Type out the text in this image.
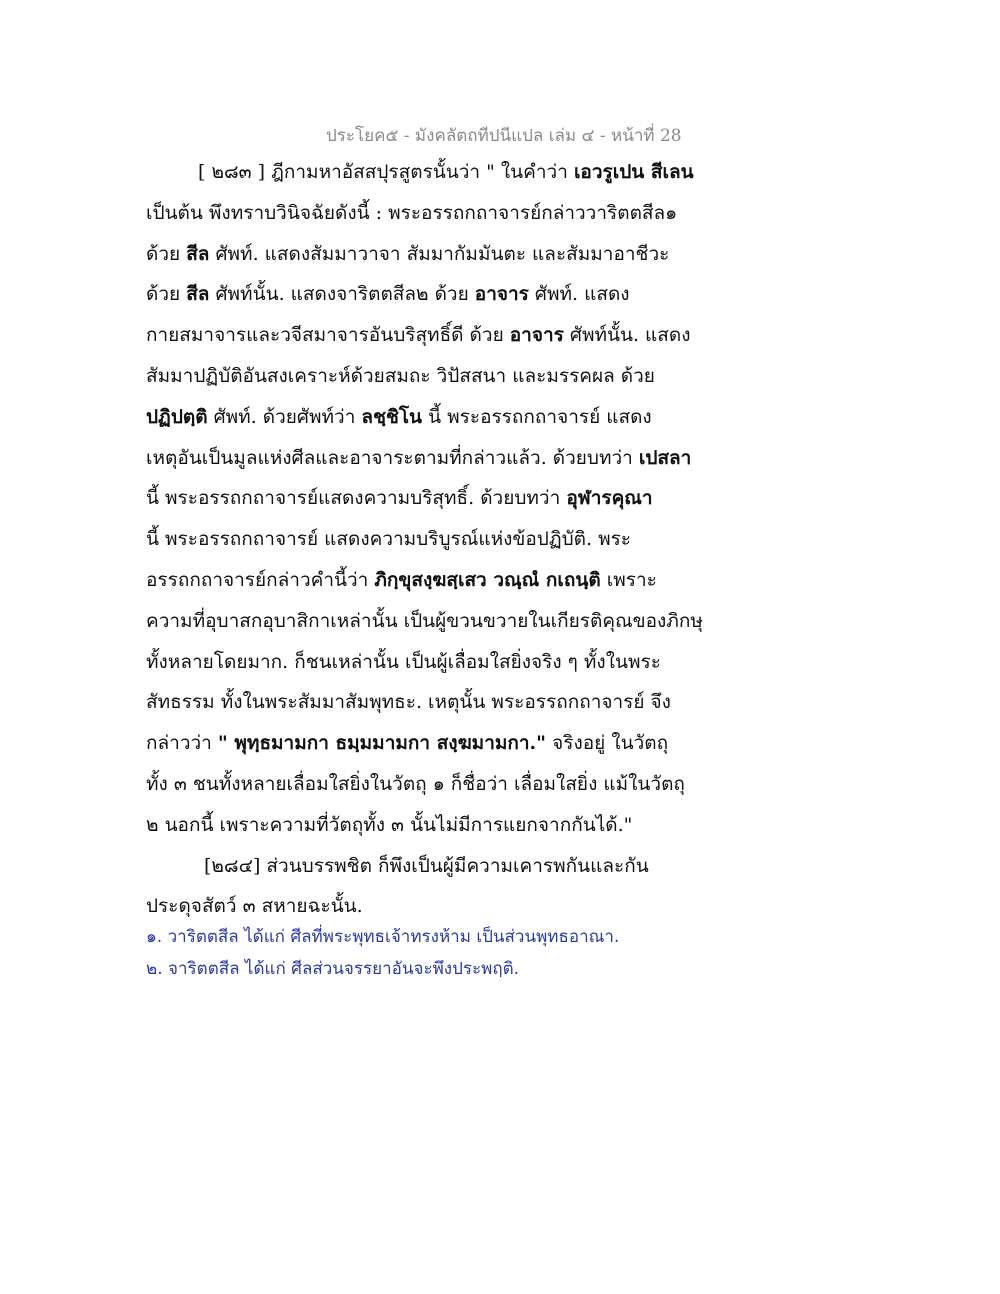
ประโยค๕ - มังคลัตถทีปนีแปล เล่ม ๔ - หน้าที่ 28
[ ๒๘๓ ] ฎีกามหาอัสสปุรสูตรนั้นว่า " ในคำว่า เอวรูเปน สีเลน
เป็นต้น พึงทราบวินิจฉัยดังนี้ : พระอรรถกถาจารย์กล่าววาริตตสีล๑
ด้วย สีล ศัพท์. แสดงสัมมาวาจา สัมมากัมมันตะ และสัมมาอาชีวะ
ด้วย สีล ศัพท์นั้น. แสดงจาริตตสีล๒ ด้วย อาจาร ศัพท์. แสดง
กายสมาจารและวจีสมาจารอันบริสุทธิ์ดี ด้วย อาจาร ศัพท์นั้น. แสดง
สัมมาปฏิบัติอันสงเคราะห์ด้วยสมถะ วิปัสสนา และมรรคผล ด้วย
ปฏิปตฺติ ศัพท์. ด้วยศัพท์ว่า ลชฺชิโน นี้ พระอรรถกถาจารย์ แสดง
เหตุอันเป็นมูลแห่งศีลและอาจาระตามที่กล่าวแล้ว. ด้วยบทว่า เปสลา
นี้ พระอรรถกถาจารย์แสดงความบริสุทธิ์. ด้วยบทว่า อุฬารคุณา
นี้ พระอรรถกถาจารย์ แสดงความบริบูรณ์แห่งข้อปฏิบัติ. พระ
อรรถกถาจารย์กล่าวคำนี้ว่า ภิกฺขุสงฺฆสฺเสว วณฺณํ กเถนฺติ เพราะ
ความที่อุบาสกอุบาสิกาเหล่านั้น เป็นผู้ขวนขวายในเกียรติคุณของภิกษุ
ทั้งหลายโดยมาก. ก็ชนเหล่านั้น เป็นผู้เลื่อมใสยิ่งจริง ๆ ทั้งในพระ
สัทธรรม ทั้งในพระสัมมาสัมพุทธะ. เหตุนั้น พระอรรถกถาจารย์ จึง
กล่าวว่า " พุทฺธมามกา ธมฺมมามกา สงฺฆมามกา." จริงอยู่ ในวัตถุ
ทั้ง ๓ ชนทั้งหลายเลื่อมใสยิ่งในวัตถุ ๑ ก็ชื่อว่า เลื่อมใสยิ่ง แม้ในวัตถุ
๒ นอกนี้ เพราะความที่วัตถุทั้ง ๓ นั้นไม่มีการแยกจากกันได้."
[๒๘๔] ส่วนบรรพชิต ก็พึงเป็นผู้มีความเคารพกันและกัน
ประดุจสัตว์ ๓ สหายฉะนั้น.
๑. วาริตตสีล ได้แก่ ศีลที่พระพุทธเจ้าทรงห้าม เป็นส่วนพุทธอาณา.
๒. จาริตตสีล ได้แก่ ศีลส่วนจรรยาอันจะพึงประพฤติ.
